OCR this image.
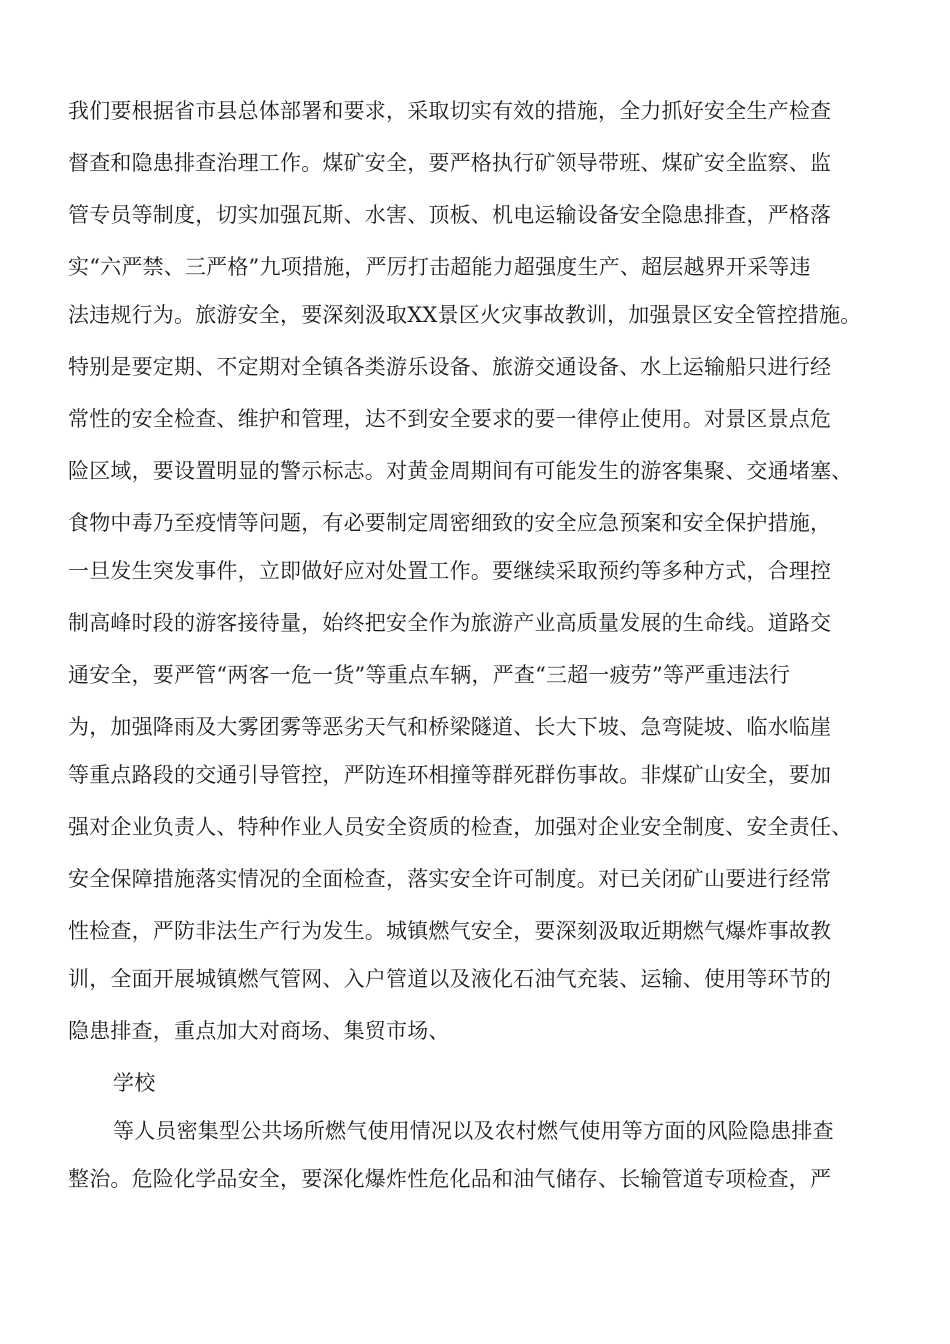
我们要根据省市县总体部署和要求，采取切实有效的措施，全力抓好安全生产检查
督查和隐患排查治理工作。煤矿安全，要严格执行矿领导带班、煤矿安全监察、监
管专员等制度，切实加强瓦斯、水害、顶板、机电运输设备安全隐患排查，严格落
实“六严禁、三严格”九项措施，严厉打击超能力超强度生产、超层越界开采等违
法违规行为。旅游安全，要深刻汲取XX景区火灾事故教训，加强景区安全管控措施。
特别是要定期、不定期对全镇各类游乐设备、旅游交通设备、水上运输船只进行经
常性的安全检查、维护和管理，达不到安全要求的要一律停止使用。对景区景点危
险区域，要设置明显的警示标志。对黄金周期间有可能发生的游客集聚、交通堵塞、
食物中毒乃至疫情等问题，有必要制定周密细致的安全应急预案和安全保护措施，
一旦发生突发事件，立即做好应对处置工作。要继续采取预约等多种方式，合理控
制高峰时段的游客接待量，始终把安全作为旅游产业高质量发展的生命线。道路交
通安全，要严管“两客一危一货”等重点车辆，严查“三超一疲劳”等严重违法行
为，加强降雨及大雾团雾等恶劣天气和桥梁隧道、长大下坡、急弯陡坡、临水临崖
等重点路段的交通引导管控，严防连环相撞等群死群伤事故。非煤矿山安全，要加
强对企业负责人、特种作业人员安全资质的检查，加强对企业安全制度、安全责任、
安全保障措施落实情况的全面检查，落实安全许可制度。对已关闭矿山要进行经常
性检查，严防非法生产行为发生。城镇燃气安全，要深刻汲取近期燃气爆炸事故教
训，全面开展城镇燃气管网、入户管道以及液化石油气充装、运输、使用等环节的
隐患排查，重点加大对商场、集贸市场、
学校
等人员密集型公共场所燃气使用情况以及农村燃气使用等方面的风险隐患排查
整治。危险化学品安全，要深化爆炸性危化品和油气储存、长输管道专项检查，严
